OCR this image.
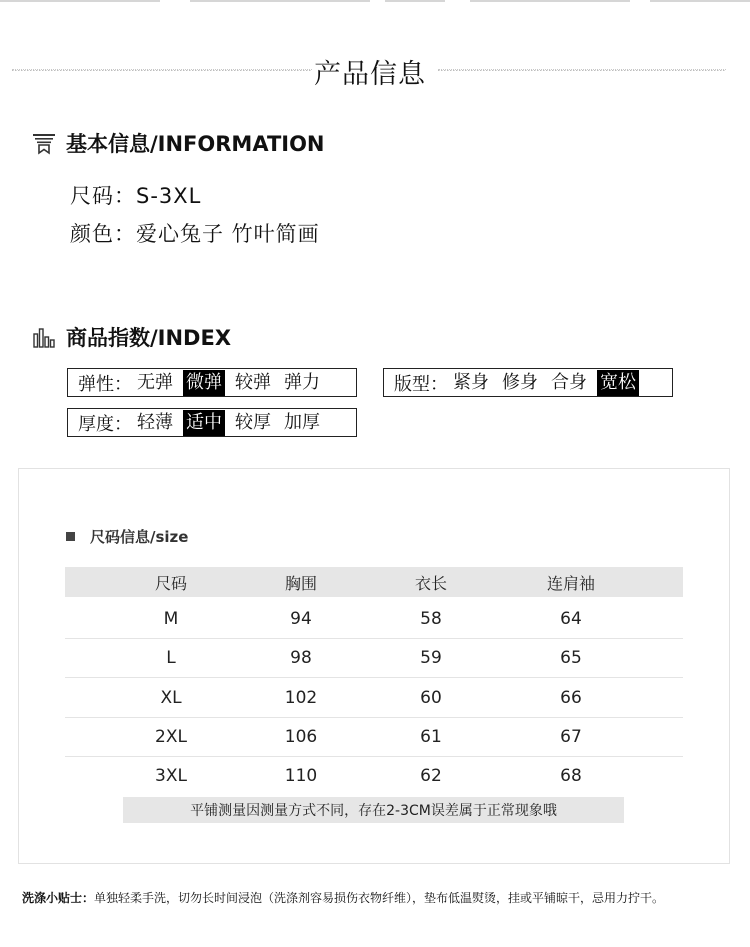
产品信息
基本信息/INFORMATION
尺码：S-3XL
颜色：爱心兔子 竹叶简画
商品指数/INDEX
弹性： 无弹 微弹 较弹 弹力	版型： 紧身 修身 合身 宽松
厚度： 轻薄 适中 较厚 加厚
尺码信息/size
尺码	胸围	衣长	连肩袖
M	94	58	64
L	98	59	65
XL	102	60	66
2XL	106	61	67
3XL	110	62	68
平铺测量因测量方式不同，存在2-3CM误差属于正常现象哦
洗涤小贴士：单独轻柔手洗，切勿长时间浸泡（洗涤剂容易损伤衣物纤维），垫布低温熨烫，挂或平铺晾干，忌用力拧干。
